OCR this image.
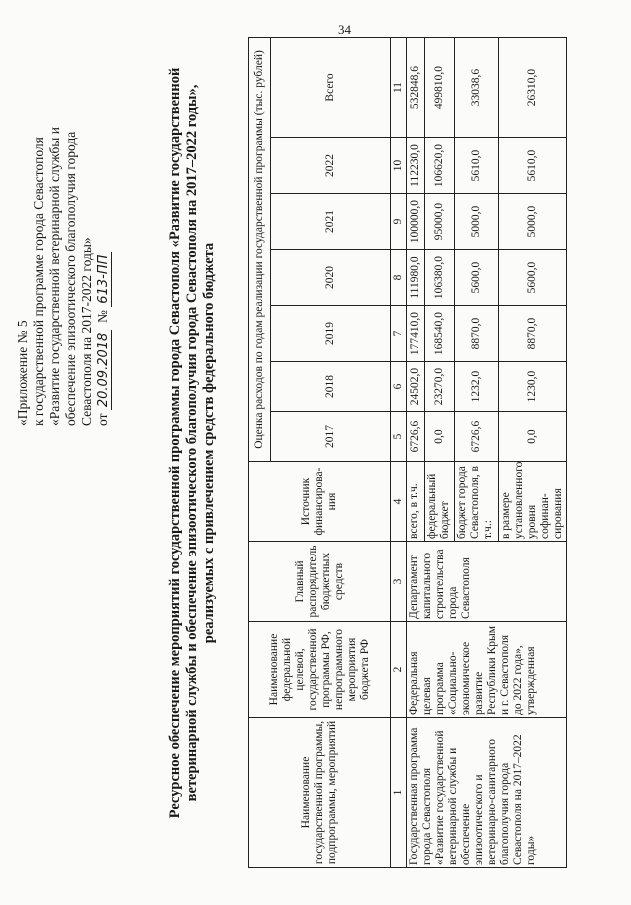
34
«Приложение № 5 к государственной программе города Севастополя «Развитие государственной ветеринарной службы и обеспечение эпизоотического благополучия города Севастополя на 2017-2022 годы» от 20.09.2018  № 613-ПП	Ресурсное обеспечение мероприятий государственной программы города Севастополя «Развитие государственной ветеринарной службы и обеспечение эпизоотического благополучия города Севастополя на 2017–2022 годы», реализуемых с привлечением средств федерального бюджета
Наименование государственной программы, подпрограммы, мероприятий	Наименование федеральной целевой, государственной программы РФ, непрограммного мероприятия бюджета РФ	Главный распорядитель бюджетных средств	Источник финансирова-ния	Оценка расходов по годам реализации государственной программы (тыс. рублей)						
				2017	2018	2019	2020	2021	2022	Всего
1	2	3	4	5	6	7	8	9	10	11
Государственная программа города Севастополя «Развитие государственной ветеринарной службы и обеспечение эпизоотического и ветеринарно-санитарного благополучия города Севастополя на 2017–2022 годы»	Федеральная целевая программа «Социально-экономическое развитие Республики Крым и г. Севастополя до 2022 года», утвержденная	Департамент капитального строительства города Севастополя	всего, в т.ч.	6726,6	24502,0	177410,0	111980,0	100000,0	112230,0	532848,6
			федеральный бюджет	0,0	23270,0	168540,0	106380,0	95000,0	106620,0	499810,0
			бюджет города Севастополя, в т.ч.:	6726,6	1232,0	8870,0	5600,0	5000,0	5610,0	33038,6
			в размере установленного уровня софинан-сирования	0,0	1230,0	8870,0	5600,0	5000,0	5610,0	26310,0
